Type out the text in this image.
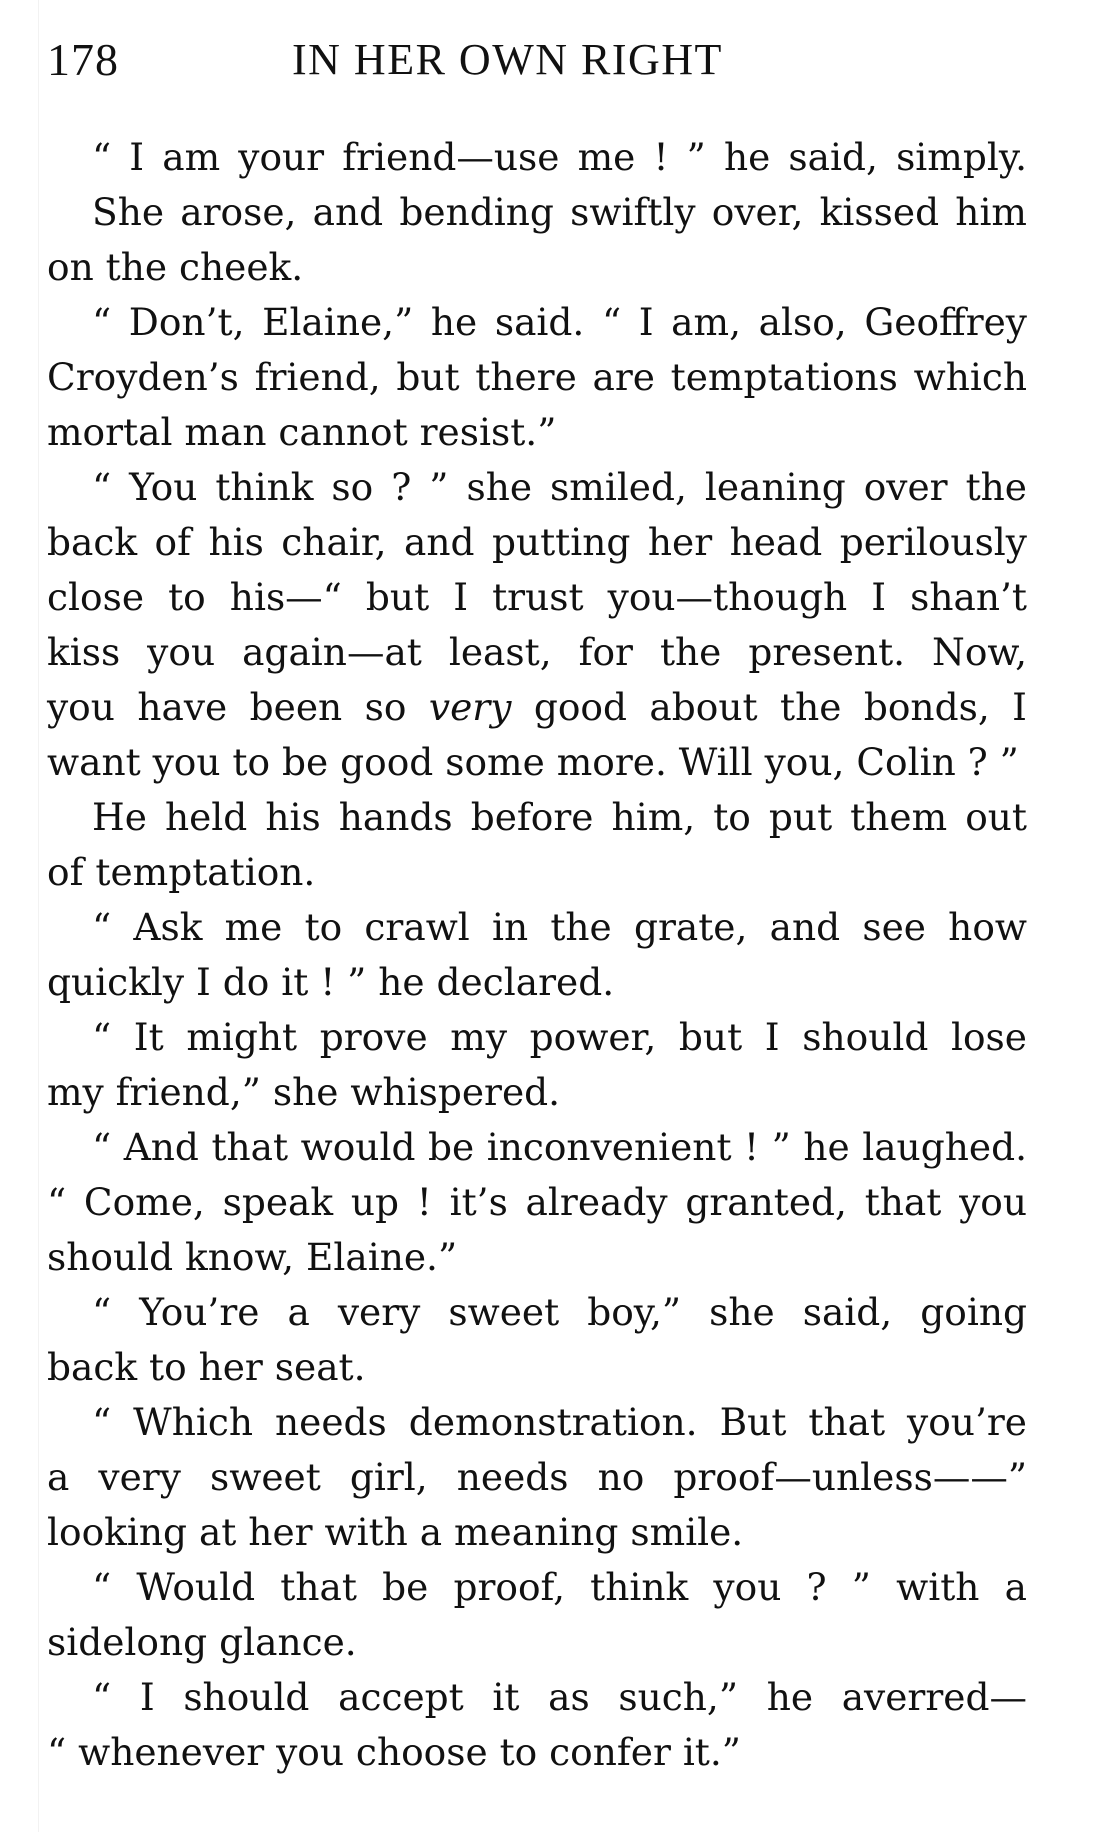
178	IN HER OWN RIGHT
“ I am your friend—use me ! ” he said, simply.
She arose, and bending swiftly over, kissed him
on the cheek.
“ Don’t, Elaine,” he said. “ I am, also, Geoffrey
Croyden’s friend, but there are temptations which
mortal man cannot resist.”
“ You think so ? ” she smiled, leaning over the
back of his chair, and putting her head perilously
close to his—“ but I trust you—though I shan’t
kiss you again—at least, for the present. Now,
you have been so very good about the bonds, I
want you to be good some more. Will you, Colin ? ”
He held his hands before him, to put them out
of temptation.
“ Ask me to crawl in the grate, and see how
quickly I do it ! ” he declared.
“ It might prove my power, but I should lose
my friend,” she whispered.
“ And that would be inconvenient ! ” he laughed.
“ Come, speak up ! it’s already granted, that you
should know, Elaine.”
“ You’re a very sweet boy,” she said, going
back to her seat.
“ Which needs demonstration. But that you’re
a very sweet girl, needs no proof—unless——”
looking at her with a meaning smile.
“ Would that be proof, think you ? ” with a
sidelong glance.
“ I should accept it as such,” he averred—
“ whenever you choose to confer it.”
